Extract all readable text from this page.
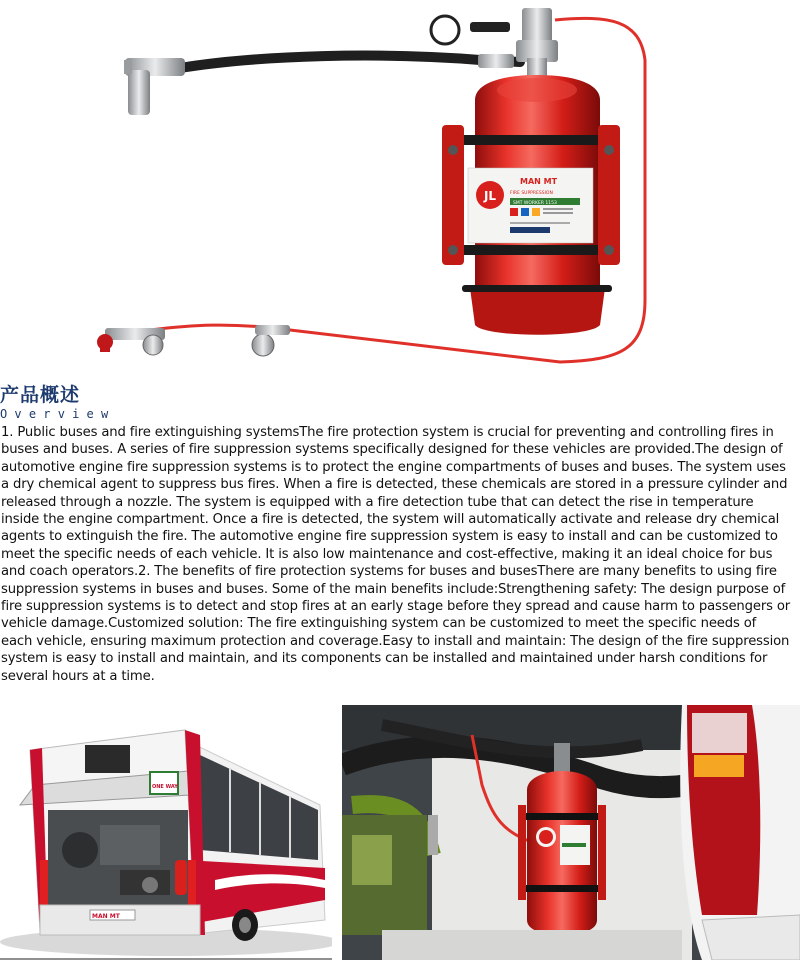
JL
MAN MT
FIRE SUPPRESSION
SMT WORKER 1153
产品概述
Overview

1. Public buses and fire extinguishing systemsThe fire protection system is crucial for preventing and controlling fires in buses and buses. A series of fire suppression systems specifically designed for these vehicles are provided.The design of automotive engine fire suppression systems is to protect the engine compartments of buses and buses. The system uses a dry chemical agent to suppress bus fires. When a fire is detected, these chemicals are stored in a pressure cylinder and released through a nozzle. The system is equipped with a fire detection tube that can detect the rise in temperature inside the engine compartment. Once a fire is detected, the system will automatically activate and release dry chemical agents to extinguish the fire. The automotive engine fire suppression system is easy to install and can be customized to meet the specific needs of each vehicle. It is also low maintenance and cost-effective, making it an ideal choice for bus and coach operators.2. The benefits of fire protection systems for buses and busesThere are many benefits to using fire suppression systems in buses and buses. Some of the main benefits include:Strengthening safety: The design purpose of fire suppression systems is to detect and stop fires at an early stage before they spread and cause harm to passengers or vehicle damage.Customized solution: The fire extinguishing system can be customized to meet the specific needs of each vehicle, ensuring maximum protection and coverage.Easy to install and maintain: The design of the fire suppression system is easy to install and maintain, and its components can be installed and maintained under harsh conditions for several hours at a time.

MAN MT
ONE WAY
